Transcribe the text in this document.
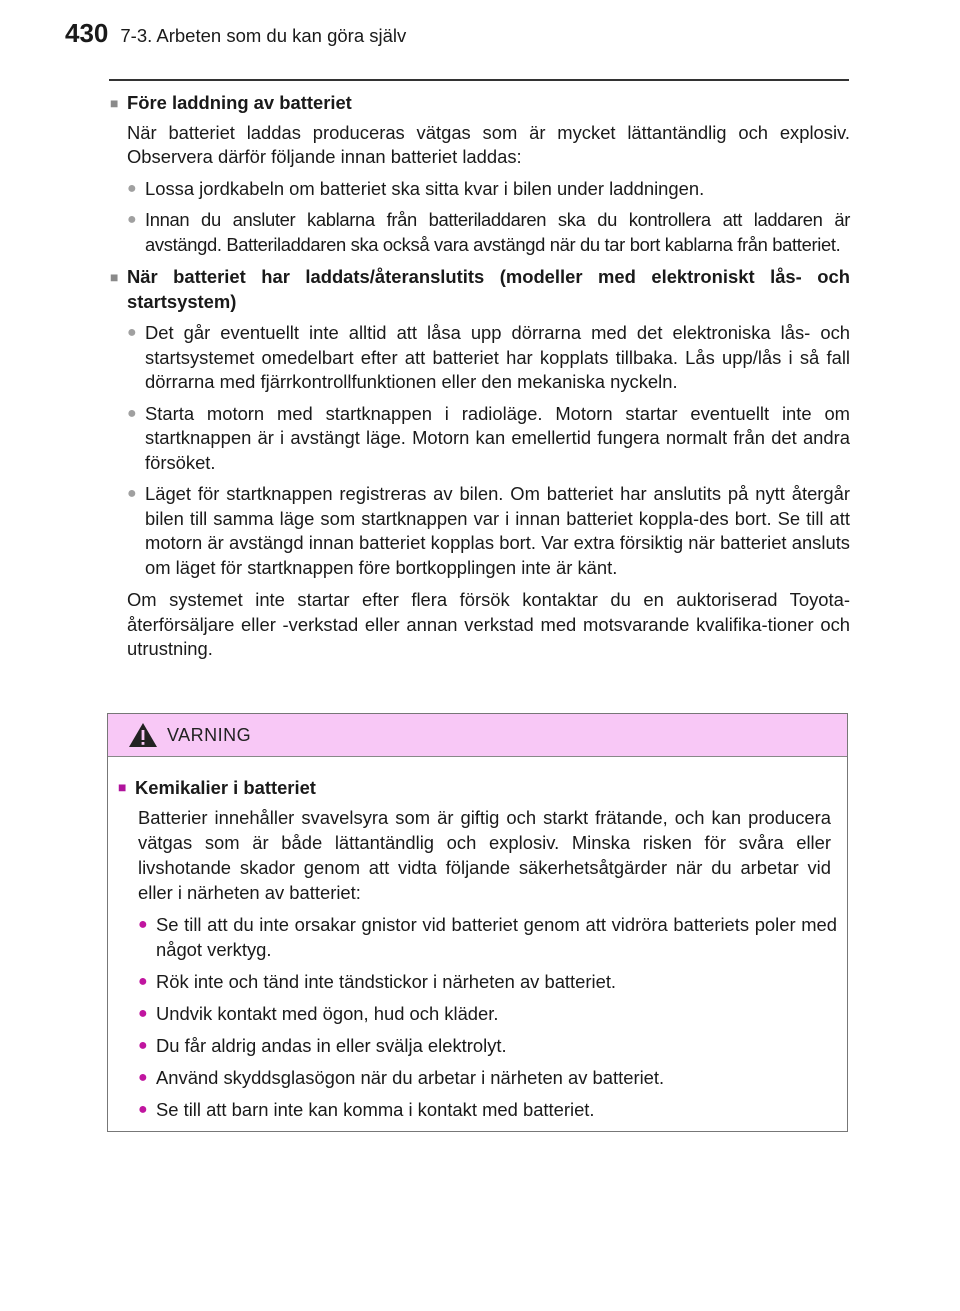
430 7-3. Arbeten som du kan göra själv
■ Före laddning av batteriet
När batteriet laddas produceras vätgas som är mycket lättantändlig och explosiv. Observera därför följande innan batteriet laddas:
● Lossa jordkabeln om batteriet ska sitta kvar i bilen under laddningen.
● Innan du ansluter kablarna från batteriladdaren ska du kontrollera att laddaren är avstängd. Batteriladdaren ska också vara avstängd när du tar bort kablarna från batteriet.
■ När batteriet har laddats/återanslutits (modeller med elektroniskt lås- och startsystem)
● Det går eventuellt inte alltid att låsa upp dörrarna med det elektroniska lås- och startsystemet omedelbart efter att batteriet har kopplats tillbaka. Lås upp/lås i så fall dörrarna med fjärrkontrollfunktionen eller den mekaniska nyckeln.
● Starta motorn med startknappen i radioläge. Motorn startar eventuellt inte om startknappen är i avstängt läge. Motorn kan emellertid fungera normalt från det andra försöket.
● Läget för startknappen registreras av bilen. Om batteriet har anslutits på nytt återgår bilen till samma läge som startknappen var i innan batteriet koppla-des bort. Se till att motorn är avstängd innan batteriet kopplas bort. Var extra försiktig när batteriet ansluts om läget för startknappen före bortkopplingen inte är känt.
Om systemet inte startar efter flera försök kontaktar du en auktoriserad Toyota-återförsäljare eller -verkstad eller annan verkstad med motsvarande kvalifika-tioner och utrustning.
VARNING
■ Kemikalier i batteriet
Batterier innehåller svavelsyra som är giftig och starkt frätande, och kan producera vätgas som är både lättantändlig och explosiv. Minska risken för svåra eller livshotande skador genom att vidta följande säkerhetsåtgärder när du arbetar vid eller i närheten av batteriet:
● Se till att du inte orsakar gnistor vid batteriet genom att vidröra batteriets poler med något verktyg.
● Rök inte och tänd inte tändstickor i närheten av batteriet.
● Undvik kontakt med ögon, hud och kläder.
● Du får aldrig andas in eller svälja elektrolyt.
● Använd skyddsglasögon när du arbetar i närheten av batteriet.
● Se till att barn inte kan komma i kontakt med batteriet.
